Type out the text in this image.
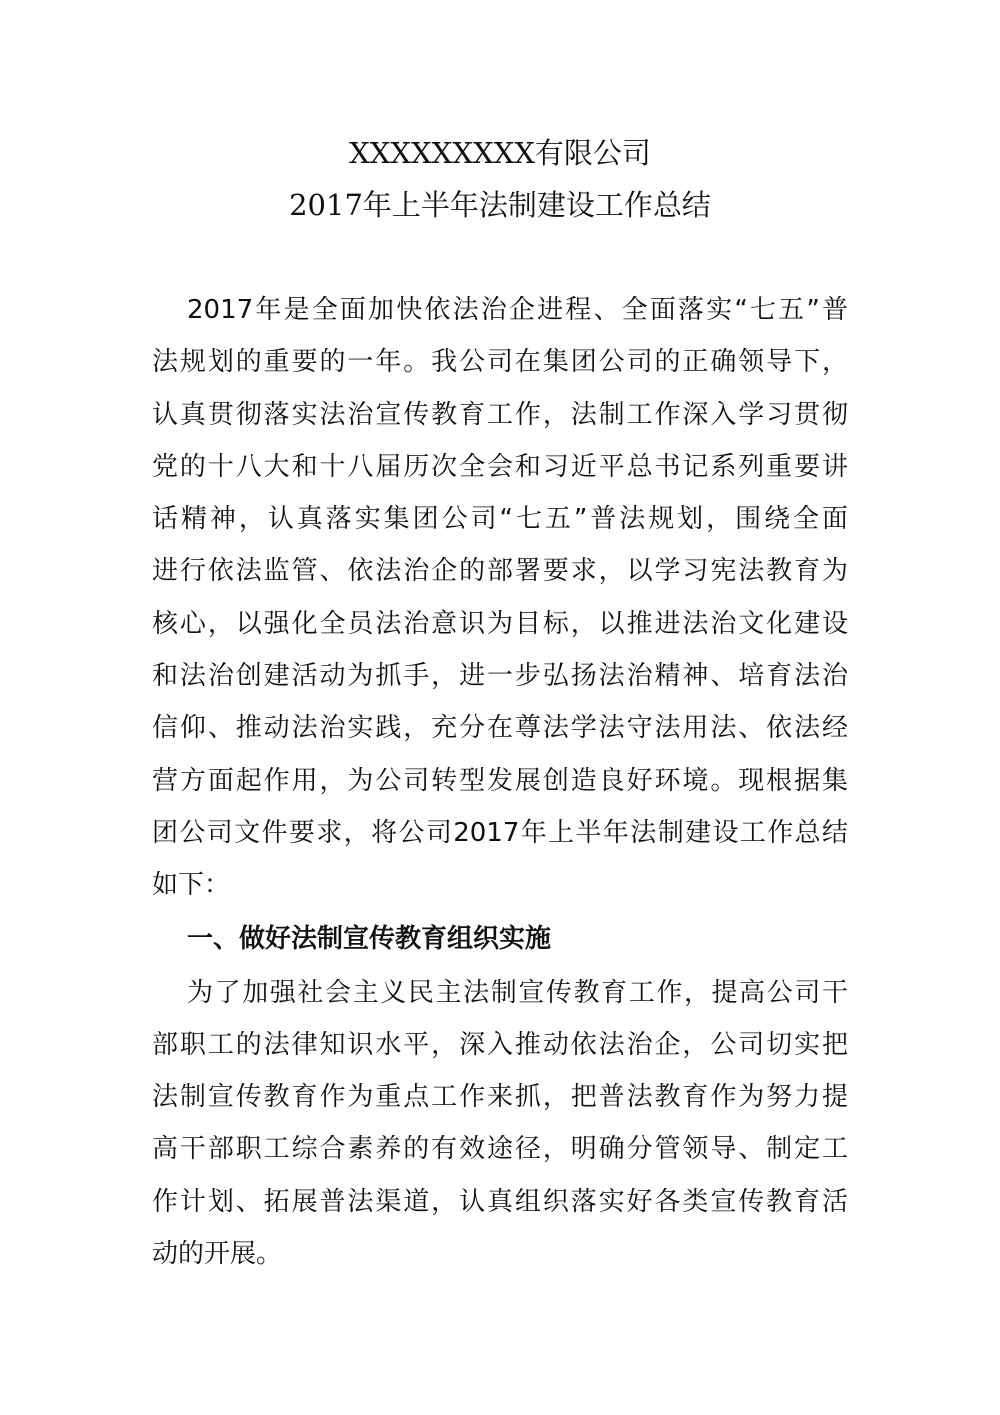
XXXXXXXXX有限公司
2017年上半年法制建设工作总结
2017年是全面加快依法治企进程、全面落实“七五”普
法规划的重要的一年。我公司在集团公司的正确领导下，
认真贯彻落实法治宣传教育工作，法制工作深入学习贯彻
党的十八大和十八届历次全会和习近平总书记系列重要讲
话精神，认真落实集团公司“七五”普法规划，围绕全面
进行依法监管、依法治企的部署要求，以学习宪法教育为
核心，以强化全员法治意识为目标，以推进法治文化建设
和法治创建活动为抓手，进一步弘扬法治精神、培育法治
信仰、推动法治实践，充分在尊法学法守法用法、依法经
营方面起作用，为公司转型发展创造良好环境。现根据集
团公司文件要求，将公司2017年上半年法制建设工作总结
如下：
一、做好法制宣传教育组织实施
为了加强社会主义民主法制宣传教育工作，提高公司干
部职工的法律知识水平，深入推动依法治企，公司切实把
法制宣传教育作为重点工作来抓，把普法教育作为努力提
高干部职工综合素养的有效途径，明确分管领导、制定工
作计划、拓展普法渠道，认真组织落实好各类宣传教育活
动的开展。
